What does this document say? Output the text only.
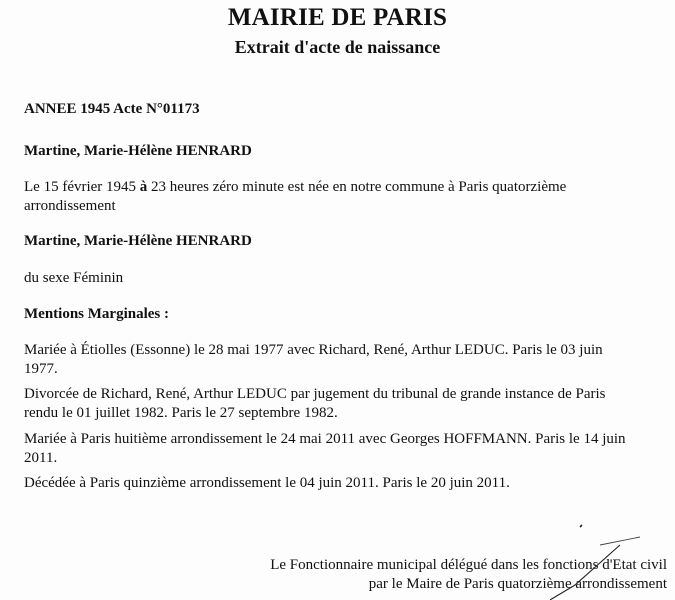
MAIRIE DE PARIS
Extrait d'acte de naissance
ANNEE 1945 Acte N°01173
Martine, Marie-Hélène HENRARD
Le 15 février 1945 à 23 heures zéro minute est née en notre commune à Paris quatorzième
arrondissement
Martine, Marie-Hélène HENRARD
du sexe Féminin
Mentions Marginales :
Mariée à Étiolles (Essonne) le 28 mai 1977 avec Richard, René, Arthur LEDUC. Paris le 03 juin
1977.
Divorcée de Richard, René, Arthur LEDUC par jugement du tribunal de grande instance de Paris
rendu le 01 juillet 1982. Paris le 27 septembre 1982.
Mariée à Paris huitième arrondissement le 24 mai 2011 avec Georges HOFFMANN. Paris le 14 juin
2011.
Décédée à Paris quinzième arrondissement le 04 juin 2011. Paris le 20 juin 2011.
Le Fonctionnaire municipal délégué dans les fonctions d'Etat civil
par le Maire de Paris quatorzième arrondissement
